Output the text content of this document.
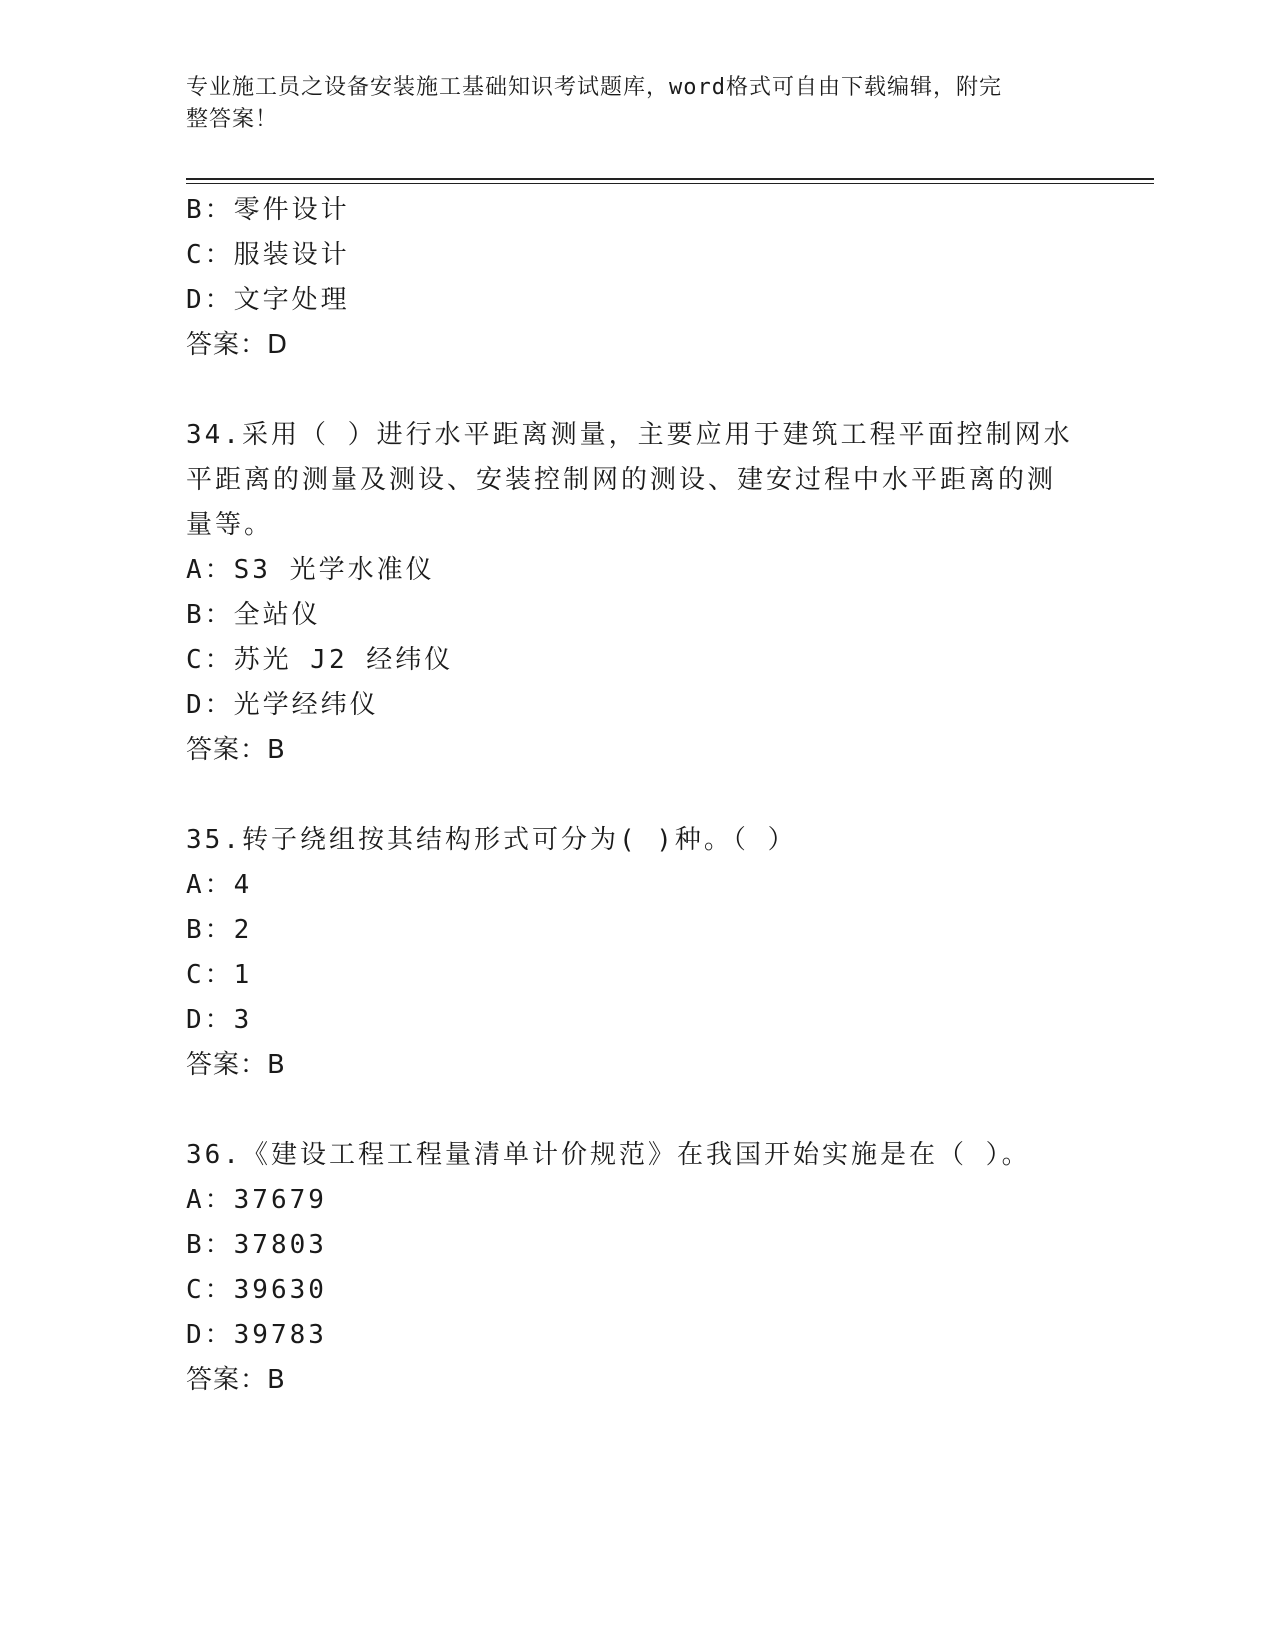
专业施工员之设备安装施工基础知识考试题库，word格式可自由下载编辑，附完
整答案！
B：零件设计
C：服装设计
D：文字处理
答案：D
34.采用（ ）进行水平距离测量，主要应用于建筑工程平面控制网水
平距离的测量及测设、安装控制网的测设、建安过程中水平距离的测
量等。
A：S3 光学水准仪
B：全站仪
C：苏光 J2 经纬仪
D：光学经纬仪
答案：B
35.转子绕组按其结构形式可分为( )种。（ ）
A：4
B：2
C：1
D：3
答案：B
36.《建设工程工程量清单计价规范》在我国开始实施是在（ ）。
A：37679
B：37803
C：39630
D：39783
答案：B
